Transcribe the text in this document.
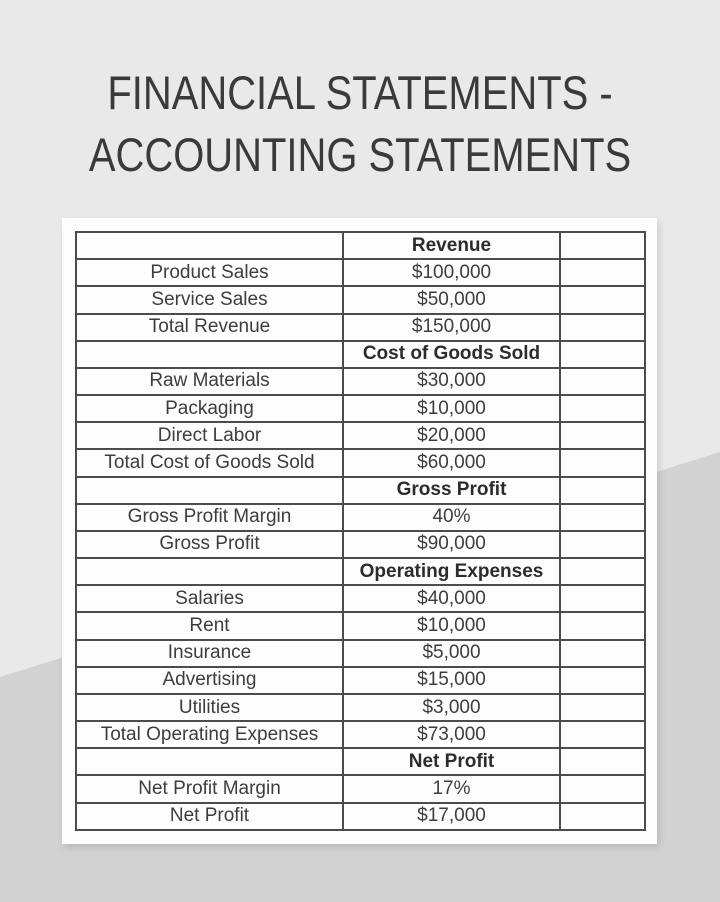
FINANCIAL STATEMENTS -
ACCOUNTING STATEMENTS
	Revenue	
Product Sales	$100,000	
Service Sales	$50,000	
Total Revenue	$150,000	
	Cost of Goods Sold	
Raw Materials	$30,000	
Packaging	$10,000	
Direct Labor	$20,000	
Total Cost of Goods Sold	$60,000	
	Gross Profit	
Gross Profit Margin	40%	
Gross Profit	$90,000	
	Operating Expenses	
Salaries	$40,000	
Rent	$10,000	
Insurance	$5,000	
Advertising	$15,000	
Utilities	$3,000	
Total Operating Expenses	$73,000	
	Net Profit	
Net Profit Margin	17%	
Net Profit	$17,000	
